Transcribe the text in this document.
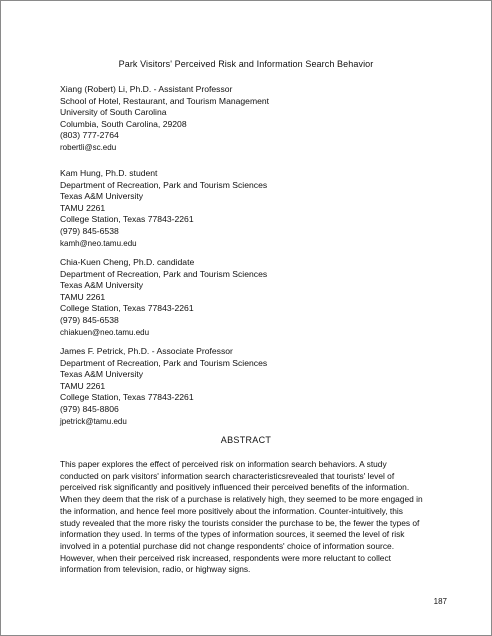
Park Visitors' Perceived Risk and Information Search Behavior
Xiang (Robert) Li, Ph.D. - Assistant Professor
School of Hotel, Restaurant, and Tourism Management
University of South Carolina
Columbia, South Carolina, 29208
(803) 777-2764
robertli@sc.edu
Kam Hung, Ph.D. student
Department of Recreation, Park and Tourism Sciences
Texas A&M University
TAMU 2261
College Station, Texas 77843-2261
(979) 845-6538
kamh@neo.tamu.edu
Chia-Kuen Cheng, Ph.D. candidate
Department of Recreation, Park and Tourism Sciences
Texas A&M University
TAMU 2261
College Station, Texas 77843-2261
(979) 845-6538
chiakuen@neo.tamu.edu
James F. Petrick, Ph.D. - Associate Professor
Department of Recreation, Park and Tourism Sciences
Texas A&M University
TAMU 2261
College Station, Texas 77843-2261
(979) 845-8806
jpetrick@tamu.edu
ABSTRACT
This paper explores the effect of perceived risk on information search behaviors. A study
conducted on park visitors' information search characteristicsrevealed that tourists' level of
perceived risk significantly and positively influenced their perceived benefits of the information.
When they deem that the risk of a purchase is relatively high, they seemed to be more engaged in
the information, and hence feel more positively about the information. Counter-intuitively, this
study revealed that the more risky the tourists consider the purchase to be, the fewer the types of
information they used. In terms of the types of information sources, it seemed the level of risk
involved in a potential purchase did not change respondents' choice of information source.
However, when their perceived risk increased, respondents were more reluctant to collect
information from television, radio, or highway signs.
187
